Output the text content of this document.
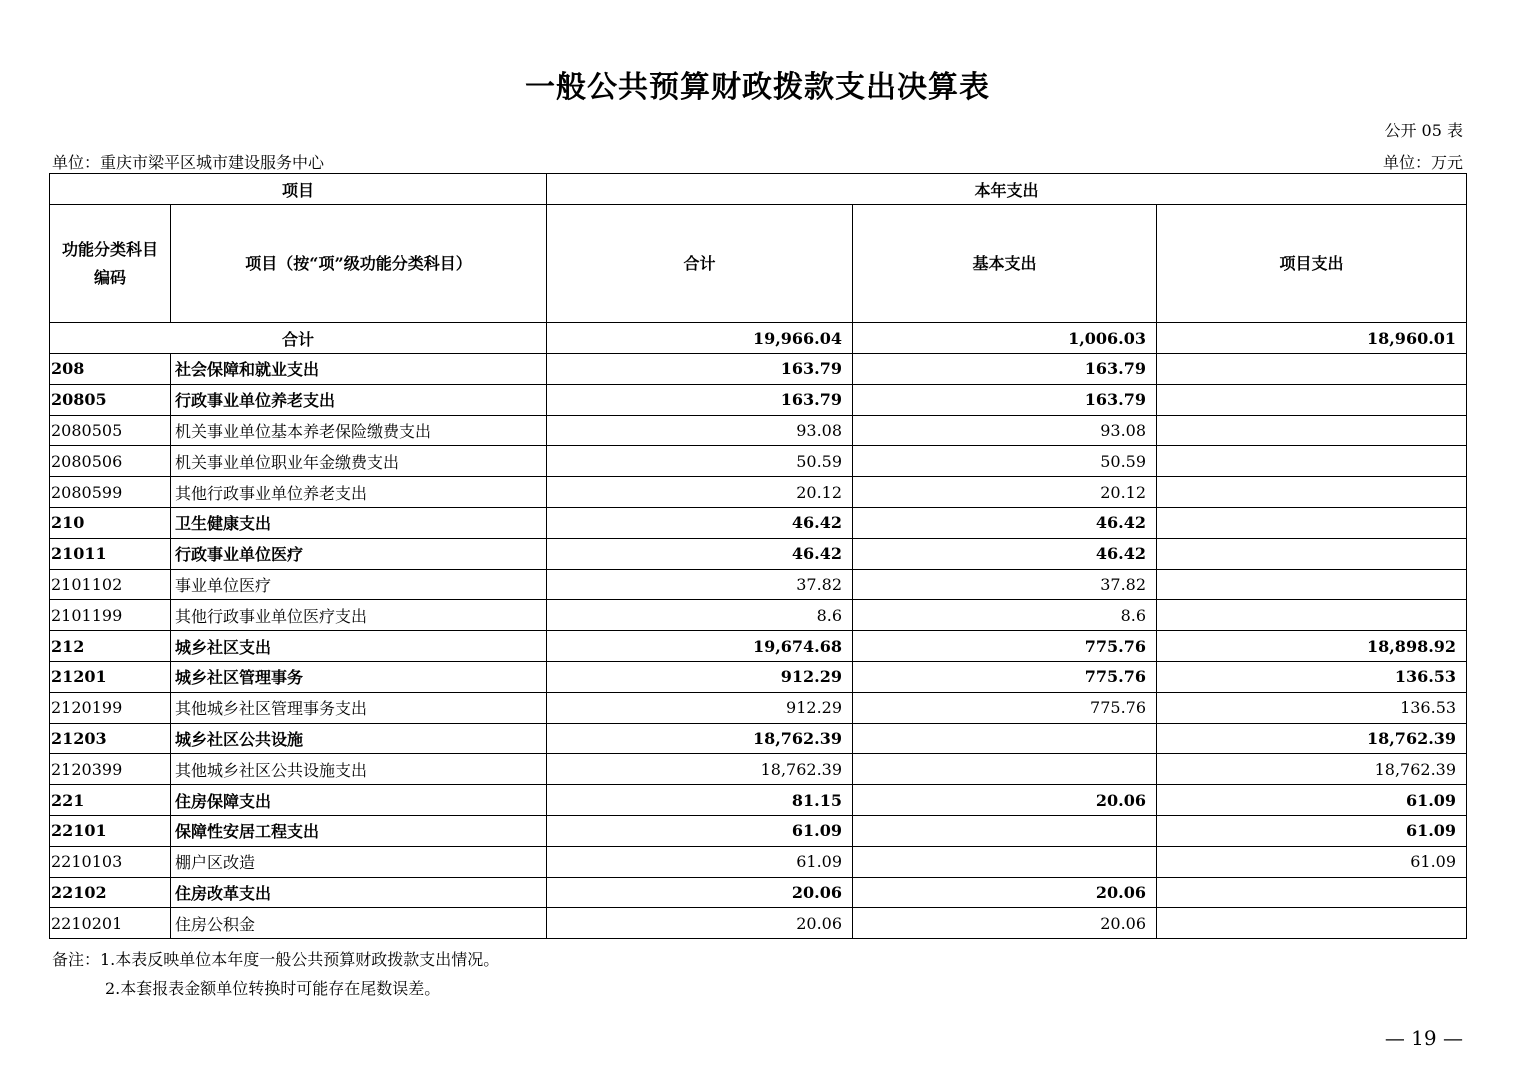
一般公共预算财政拨款支出决算表
公开 05 表
单位：重庆市梁平区城市建设服务中心	单位：万元
项目		本年支出		
功能分类科目
编码	项目（按“项”级功能分类科目）	合计	基本支出	项目支出
合计		19,966.04	1,006.03	18,960.01
208	社会保障和就业支出	163.79	163.79	
20805	行政事业单位养老支出	163.79	163.79	
2080505	机关事业单位基本养老保险缴费支出	93.08	93.08	
2080506	机关事业单位职业年金缴费支出	50.59	50.59	
2080599	其他行政事业单位养老支出	20.12	20.12	
210	卫生健康支出	46.42	46.42	
21011	行政事业单位医疗	46.42	46.42	
2101102	事业单位医疗	37.82	37.82	
2101199	其他行政事业单位医疗支出	8.6	8.6	
212	城乡社区支出	19,674.68	775.76	18,898.92
21201	城乡社区管理事务	912.29	775.76	136.53
2120199	其他城乡社区管理事务支出	912.29	775.76	136.53
21203	城乡社区公共设施	18,762.39		18,762.39
2120399	其他城乡社区公共设施支出	18,762.39		18,762.39
221	住房保障支出	81.15	20.06	61.09
22101	保障性安居工程支出	61.09		61.09
2210103	棚户区改造	61.09		61.09
22102	住房改革支出	20.06	20.06	
2210201	住房公积金	20.06	20.06	
备注：1.本表反映单位本年度一般公共预算财政拨款支出情况。
2.本套报表金额单位转换时可能存在尾数误差。
— 19 —
